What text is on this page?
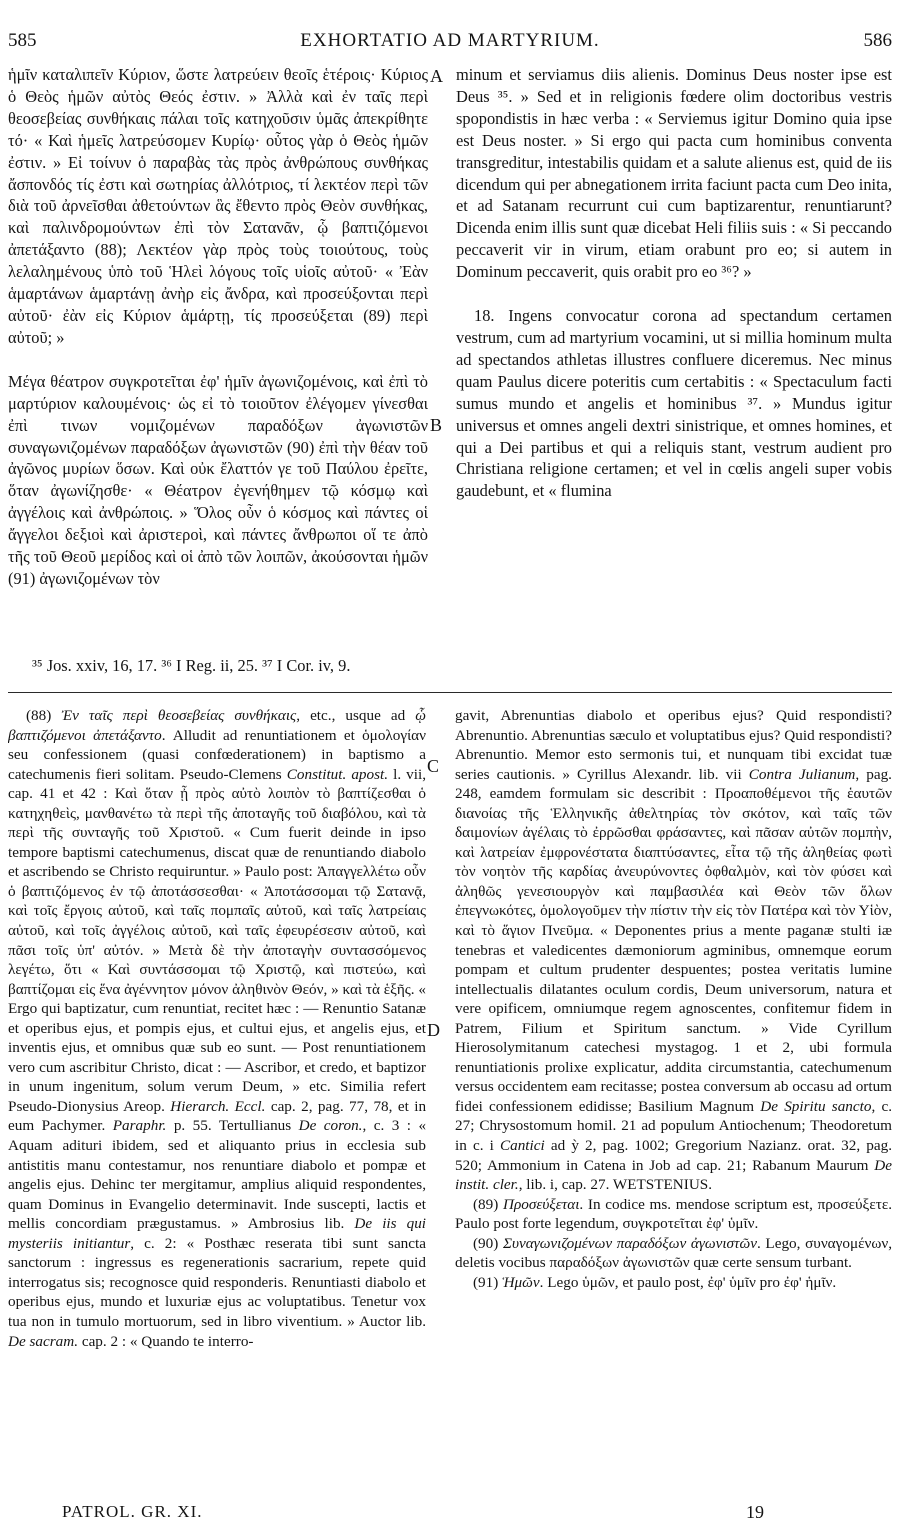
585	EXHORTATIO AD MARTYRIUM.	586

ἡμῖν καταλιπεῖν Κύριον, ὥστε λατρεύειν θεοῖς ἑτέροις· Κύριος ὁ Θεὸς ἡμῶν αὐτὸς Θεός ἐστιν. » Ἀλλὰ καὶ ἐν ταῖς περὶ θεοσεβείας συνθήκαις πάλαι τοῖς κατηχοῦσιν ὑμᾶς ἀπεκρίθητε τό· « Καὶ ἡμεῖς λατρεύσομεν Κυρίῳ· οὗτος γὰρ ὁ Θεὸς ἡμῶν ἐστιν. » Εἰ τοίνυν ὁ παραβὰς τὰς πρὸς ἀνθρώπους συνθήκας ἄσπονδός τίς ἐστι καὶ σωτηρίας ἀλλότριος, τί λεκτέον περὶ τῶν διὰ τοῦ ἀρνεῖσθαι ἀθετούντων ἃς ἔθεντο πρὸς Θεὸν συνθήκας, καὶ παλινδρομούντων ἐπὶ τὸν Σατανᾶν, ᾧ βαπτιζόμενοι ἀπετάξαντο (88); Λεκτέον γὰρ πρὸς τοὺς τοιούτους, τοὺς λελαλημένους ὑπὸ τοῦ Ἡλεὶ λόγους τοῖς υἱοῖς αὐτοῦ· « Ἐὰν ἁμαρτάνων ἁμαρτάνῃ ἀνὴρ εἰς ἄνδρα, καὶ προσεύξονται περὶ αὐτοῦ· ἐὰν εἰς Κύριον ἁμάρτῃ, τίς προσεύξεται (89) περὶ αὐτοῦ; »

Μέγα θέατρον συγκροτεῖται ἐφ' ἡμῖν ἀγωνιζομένοις, καὶ ἐπὶ τὸ μαρτύριον καλουμένοις· ὡς εἰ τὸ τοιοῦτον ἐλέγομεν γίνεσθαι ἐπὶ τινων νομιζομένων παραδόξων ἀγωνιστῶν συναγωνιζομένων παραδόξων ἀγωνιστῶν (90) ἐπὶ τὴν θέαν τοῦ ἀγῶνος μυρίων ὅσων. Καὶ οὐκ ἔλαττόν γε τοῦ Παύλου ἐρεῖτε, ὅταν ἀγωνίζησθε· « Θέατρον ἐγενήθημεν τῷ κόσμῳ καὶ ἀγγέλοις καὶ ἀνθρώποις. » Ὅλος οὖν ὁ κόσμος καὶ πάντες οἱ ἄγγελοι δεξιοὶ καὶ ἀριστεροὶ, καὶ πάντες ἄνθρωποι οἵ τε ἀπὸ τῆς τοῦ Θεοῦ μερίδος καὶ οἱ ἀπὸ τῶν λοιπῶν, ἀκούσονται ἡμῶν (91) ἀγωνιζομένων τὸν

A
B

minum et serviamus diis alienis. Dominus Deus noster ipse est Deus ³⁵. » Sed et in religionis fœdere olim doctoribus vestris spopondistis in hæc verba : « Serviemus igitur Domino quia ipse est Deus noster. » Si ergo qui pacta cum hominibus conventa transgreditur, intestabilis quidam et a salute alienus est, quid de iis dicendum qui per abnegationem irrita faciunt pacta cum Deo inita, et ad Satanam recurrunt cui cum baptizarentur, renuntiarunt? Dicenda enim illis sunt quæ dicebat Heli filiis suis : « Si peccando peccaverit vir in virum, etiam orabunt pro eo; si autem in Dominum peccaverit, quis orabit pro eo ³⁶? »

18. Ingens convocatur corona ad spectandum certamen vestrum, cum ad martyrium vocamini, ut si millia hominum multa ad spectandos athletas illustres confluere diceremus. Nec minus quam Paulus dicere poteritis cum certabitis : « Spectaculum facti sumus mundo et angelis et hominibus ³⁷. » Mundus igitur universus et omnes angeli dextri sinistrique, et omnes homines, et qui a Dei partibus et qui a reliquis stant, vestrum audient pro Christiana religione certamen; et vel in cœlis angeli super vobis gaudebunt, et « flumina

³⁵ Jos. xxiv, 16, 17. ³⁶ I Reg. ii, 25. ³⁷ I Cor. iv, 9.

(88) Ἐν ταῖς περὶ θεοσεβείας συνθήκαις, etc., usque ad ᾧ βαπτιζόμενοι ἀπετάξαντο. Alludit ad renuntiationem et ὁμολογίαν seu confessionem (quasi confœderationem) in baptismo a catechumenis fieri solitam. Pseudo-Clemens Constitut. apost. l. vii, cap. 41 et 42 : Καὶ ὅταν ᾖ πρὸς αὐτὸ λοιπὸν τὸ βαπτίζεσθαι ὁ κατηχηθεὶς, μανθανέτω τὰ περὶ τῆς ἀποταγῆς τοῦ διαβόλου, καὶ τὰ περὶ τῆς συνταγῆς τοῦ Χριστοῦ. « Cum fuerit deinde in ipso tempore baptismi catechumenus, discat quæ de renuntiando diabolo et ascribendo se Christo requiruntur. » Paulo post: Ἀπαγγελλέτω οὖν ὁ βαπτιζόμενος ἐν τῷ ἀποτάσσεσθαι· « Ἀποτάσσομαι τῷ Σατανᾷ, καὶ τοῖς ἔργοις αὐτοῦ, καὶ ταῖς πομπαῖς αὐτοῦ, καὶ ταῖς λατρείαις αὐτοῦ, καὶ τοῖς ἀγγέλοις αὐτοῦ, καὶ ταῖς ἐφευρέσεσιν αὐτοῦ, καὶ πᾶσι τοῖς ὑπ' αὐτόν. » Μετὰ δὲ τὴν ἀποταγὴν συντασσόμενος λεγέτω, ὅτι « Καὶ συντάσσομαι τῷ Χριστῷ, καὶ πιστεύω, καὶ βαπτίζομαι εἰς ἕνα ἀγέννητον μόνον ἀληθινὸν Θεόν, » καὶ τὰ ἑξῆς. « Ergo qui baptizatur, cum renuntiat, recitet hæc : — Renuntio Satanæ et operibus ejus, et pompis ejus, et cultui ejus, et angelis ejus, et inventis ejus, et omnibus quæ sub eo sunt. — Post renuntiationem vero cum ascribitur Christo, dicat : — Ascribor, et credo, et baptizor in unum ingenitum, solum verum Deum, » etc. Similia refert Pseudo-Dionysius Areop. Hierarch. Eccl. cap. 2, pag. 77, 78, et in eum Pachymer. Paraphr. p. 55. Tertullianus De coron., c. 3 : « Aquam adituri ibidem, sed et aliquanto prius in ecclesia sub antistitis manu contestamur, nos renuntiare diabolo et pompæ et angelis ejus. Dehinc ter mergitamur, amplius aliquid respondentes, quam Dominus in Evangelio determinavit. Inde suscepti, lactis et mellis concordiam prægustamus. » Ambrosius lib. De iis qui mysteriis initiantur, c. 2: « Posthæc reserata tibi sunt sancta sanctorum : ingressus es regenerationis sacrarium, repete quid interrogatus sis; recognosce quid responderis. Renuntiasti diabolo et operibus ejus, mundo et luxuriæ ejus ac voluptatibus. Tenetur vox tua non in tumulo mortuorum, sed in libro viventium. » Auctor lib. De sacram. cap. 2 : « Quando te interro-

C
D

gavit, Abrenuntias diabolo et operibus ejus? Quid respondisti? Abrenuntio. Abrenuntias sæculo et voluptatibus ejus? Quid respondisti? Abrenuntio. Memor esto sermonis tui, et nunquam tibi excidat tuæ series cautionis. » Cyrillus Alexandr. lib. vii Contra Julianum, pag. 248, eamdem formulam sic describit : Προαποθέμενοι τῆς ἑαυτῶν διανοίας τῆς Ἑλληνικῆς ἀθελτηρίας τὸν σκότον, καὶ ταῖς τῶν δαιμονίων ἀγέλαις τὸ ἐρρῶσθαι φράσαντες, καὶ πᾶσαν αὐτῶν πομπὴν, καὶ λατρείαν ἐμφρονέστατα διαπτύσαντες, εἶτα τῷ τῆς ἀληθείας φωτὶ τὸν νοητὸν τῆς καρδίας ἀνευρύνοντες ὀφθαλμὸν, καὶ τὸν φύσει καὶ ἀληθῶς γενεσιουργὸν καὶ παμβασιλέα καὶ Θεὸν τῶν ὅλων ἐπεγνωκότες, ὁμολογοῦμεν τὴν πίστιν τὴν εἰς τὸν Πατέρα καὶ τὸν Υἱὸν, καὶ τὸ ἅγιον Πνεῦμα. « Deponentes prius a mente paganæ stulti iæ tenebras et valedicentes dæmoniorum agminibus, omnemque eorum pompam et cultum prudenter despuentes; postea veritatis lumine intellectualis dilatantes oculum cordis, Deum universorum, natura et vere opificem, omniumque regem agnoscentes, confitemur fidem in Patrem, Filium et Spiritum sanctum. » Vide Cyrillum Hierosolymitanum catechesi mystagog. 1 et 2, ubi formula renuntiationis prolixe explicatur, addita circumstantia, catechumenum versus occidentem eam recitasse; postea conversum ab occasu ad ortum fidei confessionem edidisse; Basilium Magnum De Spiritu sancto, c. 27; Chrysostomum homil. 21 ad populum Antiochenum; Theodoretum in c. i Cantici ad ỳ 2, pag. 1002; Gregorium Nazianz. orat. 32, pag. 520; Ammonium in Catena in Job ad cap. 21; Rabanum Maurum De instit. cler., lib. i, cap. 27. WETSTENIUS.

(89) Προσεύξεται. In codice ms. mendose scriptum est, προσεύξετε. Paulo post forte legendum, συγκροτεῖται ἐφ' ὑμῖν.

(90) Συναγωνιζομένων παραδόξων ἀγωνιστῶν. Lego, συναγομένων, deletis vocibus παραδόξων ἀγωνιστῶν quæ certe sensum turbant.

(91) Ἡμῶν. Lego ὑμῶν, et paulo post, ἐφ' ὑμῖν pro ἐφ' ἡμῖν.

PATROL. GR. XI.	19
